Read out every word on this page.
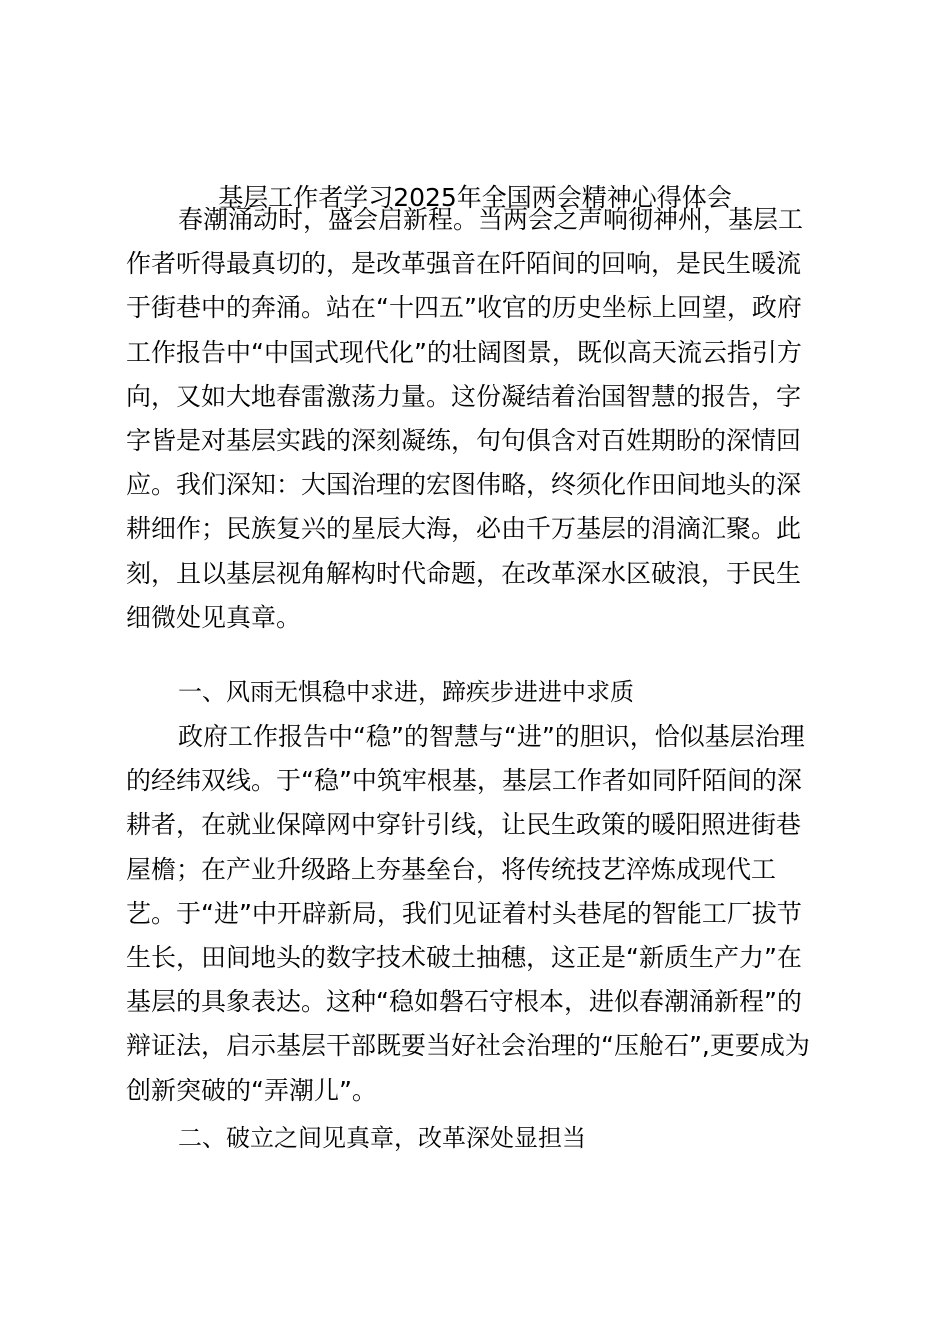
基层工作者学习2025年全国两会精神心得体会
春潮涌动时，盛会启新程。当两会之声响彻神州，基层工
作者听得最真切的，是改革强音在阡陌间的回响，是民生暖流
于街巷中的奔涌。站在“十四五”收官的历史坐标上回望，政府
工作报告中“中国式现代化”的壮阔图景，既似高天流云指引方
向，又如大地春雷激荡力量。这份凝结着治国智慧的报告，字
字皆是对基层实践的深刻凝练，句句俱含对百姓期盼的深情回
应。我们深知：大国治理的宏图伟略，终须化作田间地头的深
耕细作；民族复兴的星辰大海，必由千万基层的涓滴汇聚。此
刻，且以基层视角解构时代命题，在改革深水区破浪，于民生
细微处见真章。
一、风雨无惧稳中求进，蹄疾步进进中求质
政府工作报告中“稳”的智慧与“进”的胆识，恰似基层治理
的经纬双线。于“稳”中筑牢根基，基层工作者如同阡陌间的深
耕者，在就业保障网中穿针引线，让民生政策的暖阳照进街巷
屋檐；在产业升级路上夯基垒台，将传统技艺淬炼成现代工
艺。于“进”中开辟新局，我们见证着村头巷尾的智能工厂拔节
生长，田间地头的数字技术破土抽穗，这正是“新质生产力”在
基层的具象表达。这种“稳如磐石守根本，进似春潮涌新程”的
辩证法，启示基层干部既要当好社会治理的“压舱石”,更要成为
创新突破的“弄潮儿”。
二、破立之间见真章，改革深处显担当
